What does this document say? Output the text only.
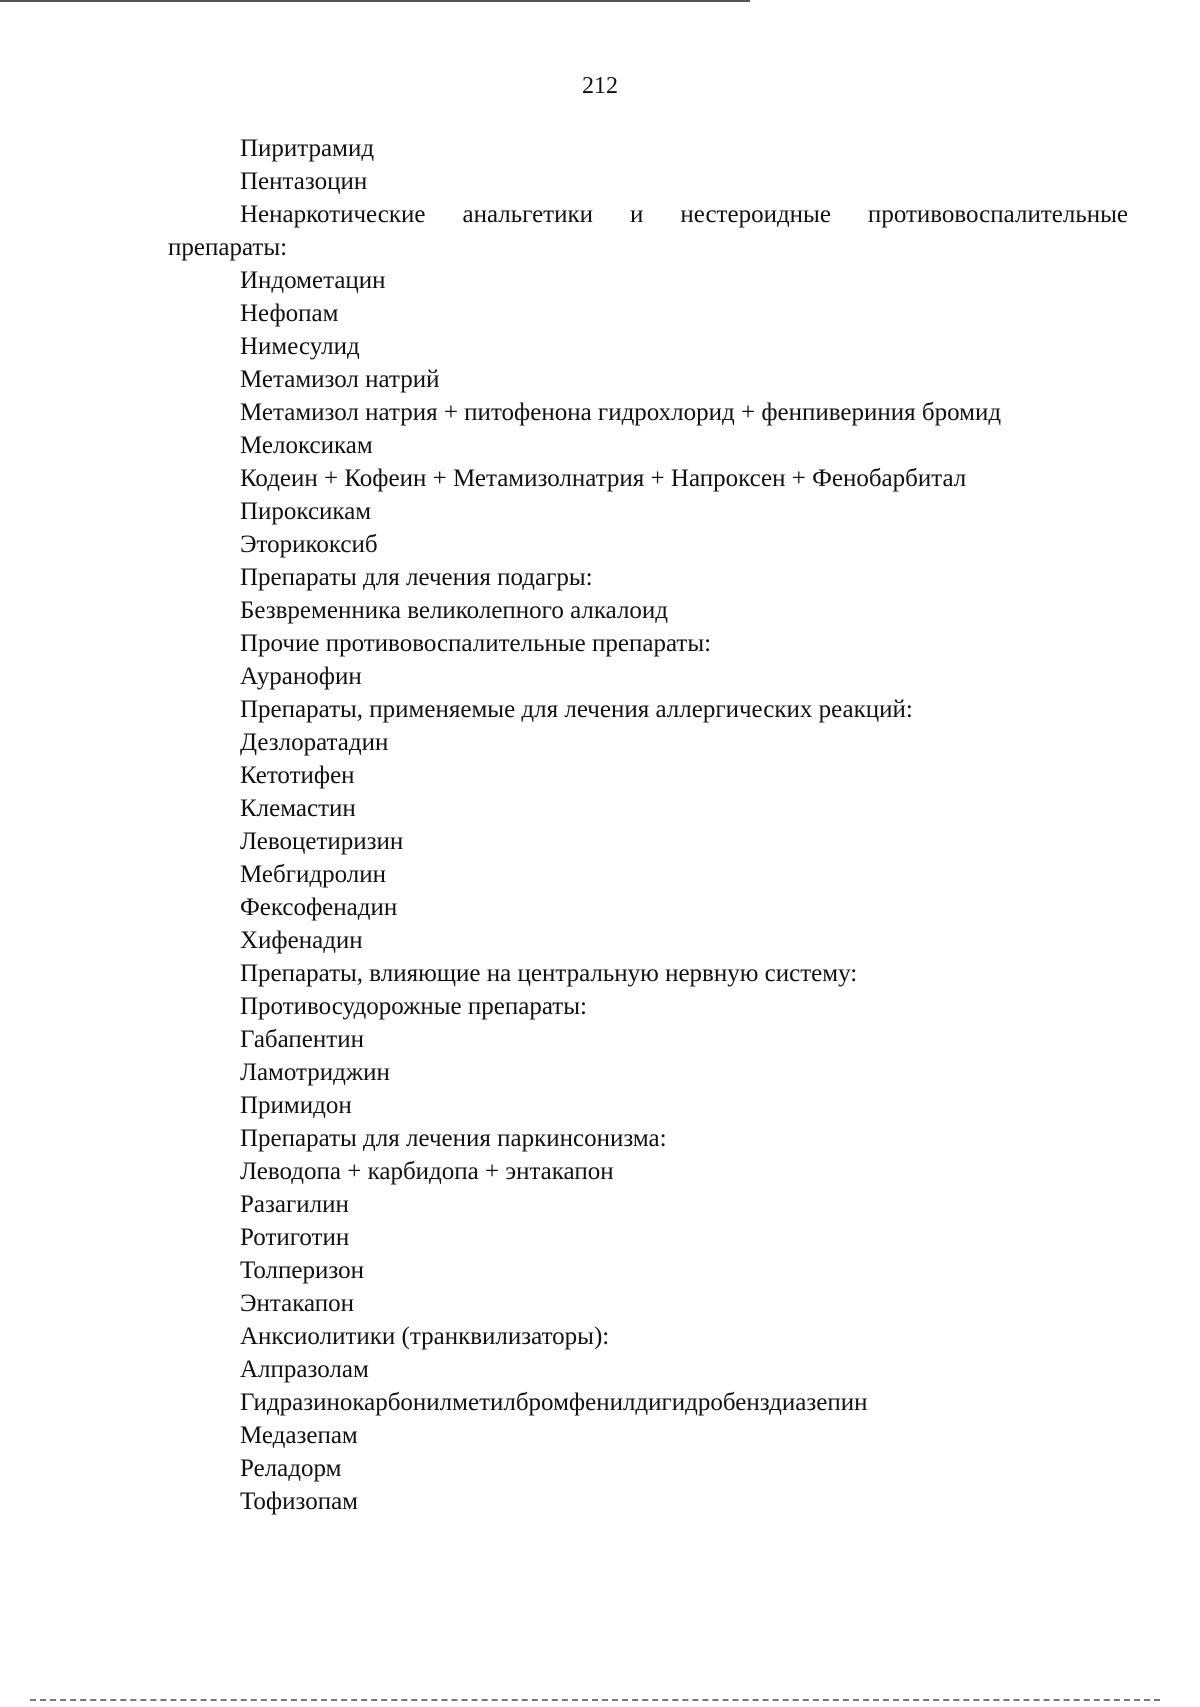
212
Пиритрамид
Пентазоцин
Ненаркотические анальгетики и нестероидные противовоспалительные
препараты:
Индометацин
Нефопам
Нимесулид
Метамизол натрий
Метамизол натрия + питофенона гидрохлорид + фенпивериния бромид
Мелоксикам
Кодеин + Кофеин + Метамизолнатрия + Напроксен + Фенобарбитал
Пироксикам
Эторикоксиб
Препараты для лечения подагры:
Безвременника великолепного алкалоид
Прочие противовоспалительные препараты:
Ауранофин
Препараты, применяемые для лечения аллергических реакций:
Дезлоратадин
Кетотифен
Клемастин
Левоцетиризин
Мебгидролин
Фексофенадин
Хифенадин
Препараты, влияющие на центральную нервную систему:
Противосудорожные препараты:
Габапентин
Ламотриджин
Примидон
Препараты для лечения паркинсонизма:
Леводопа + карбидопа + энтакапон
Разагилин
Ротиготин
Толперизон
Энтакапон
Анксиолитики (транквилизаторы):
Алпразолам
Гидразинокарбонилметилбромфенилдигидробенздиазепин
Медазепам
Реладорм
Тофизопам
